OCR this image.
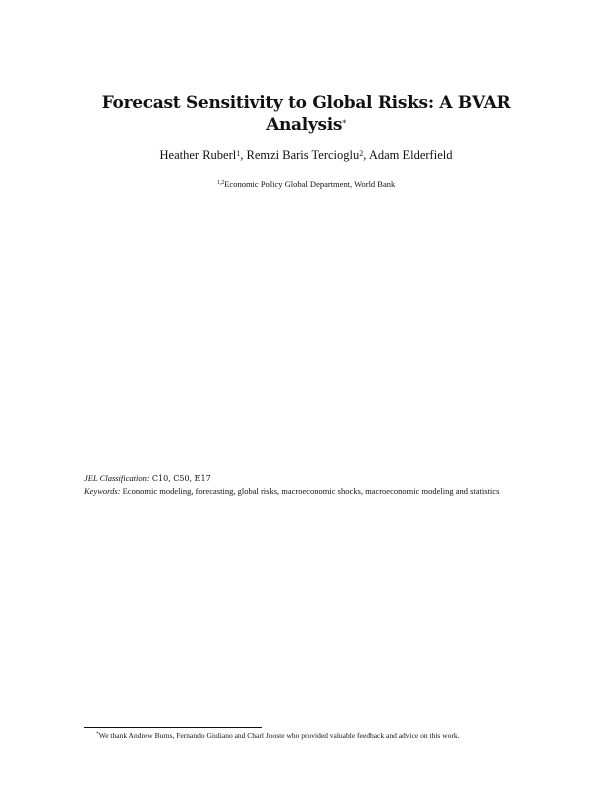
Forecast Sensitivity to Global Risks: A BVAR Analysis*
Heather Ruberl$^1$, Remzi Baris Tercioglu$^2$, Adam Elderfield
$^{1,2}$Economic Policy Global Department, World Bank
JEL Classification: C10, C50, E17
Keywords: Economic modeling, forecasting, global risks, macroeconomic shocks, macroeconomic modeling and statistics
*We thank Andrew Burns, Fernando Giuliano and Charl Jooste who provided valuable feedback and advice on this work.
